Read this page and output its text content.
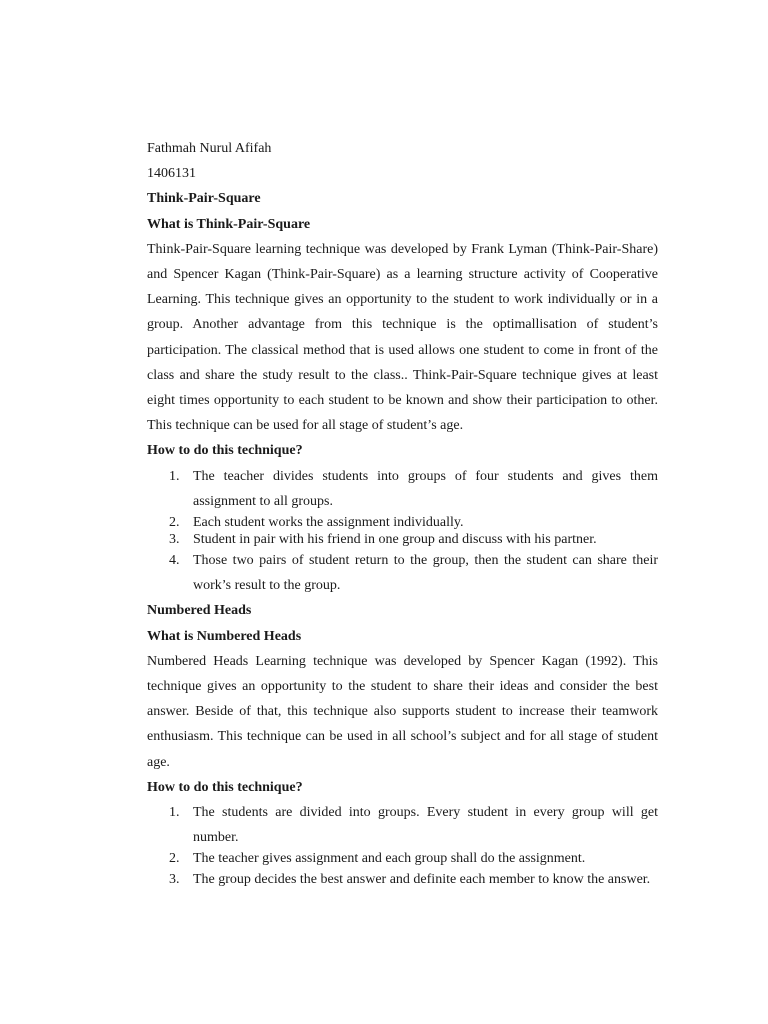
Fathmah Nurul Afifah

1406131

Think-Pair-Square

What is Think-Pair-Square

Think-Pair-Square learning technique was developed by Frank Lyman (Think-Pair-Share) and Spencer Kagan (Think-Pair-Square) as a learning structure activity of Cooperative Learning. This technique gives an opportunity to the student to work individually or in a group. Another advantage from this technique is the optimallisation of student’s participation. The classical method that is used allows one student to come in front of the class and share the study result to the class.. Think-Pair-Square technique gives at least eight times opportunity to each student to be known and show their participation to other. This technique can be used for all stage of student’s age.

How to do this technique?

1. The teacher divides students into groups of four students and gives them assignment to all groups.
2. Each student works the assignment individually.
3. Student in pair with his friend in one group and discuss with his partner.
4. Those two pairs of student return to the group, then the student can share their work’s result to the group.

Numbered Heads

What is Numbered Heads

Numbered Heads Learning technique was developed by Spencer Kagan (1992). This technique gives an opportunity to the student to share their ideas and consider the best answer. Beside of that, this technique also supports student to increase their teamwork enthusiasm. This technique can be used in all school’s subject and for all stage of student age.

How to do this technique?

1. The students are divided into groups. Every student in every group will get number.
2. The teacher gives assignment and each group shall do the assignment.
3. The group decides the best answer and definite each member to know the answer.
